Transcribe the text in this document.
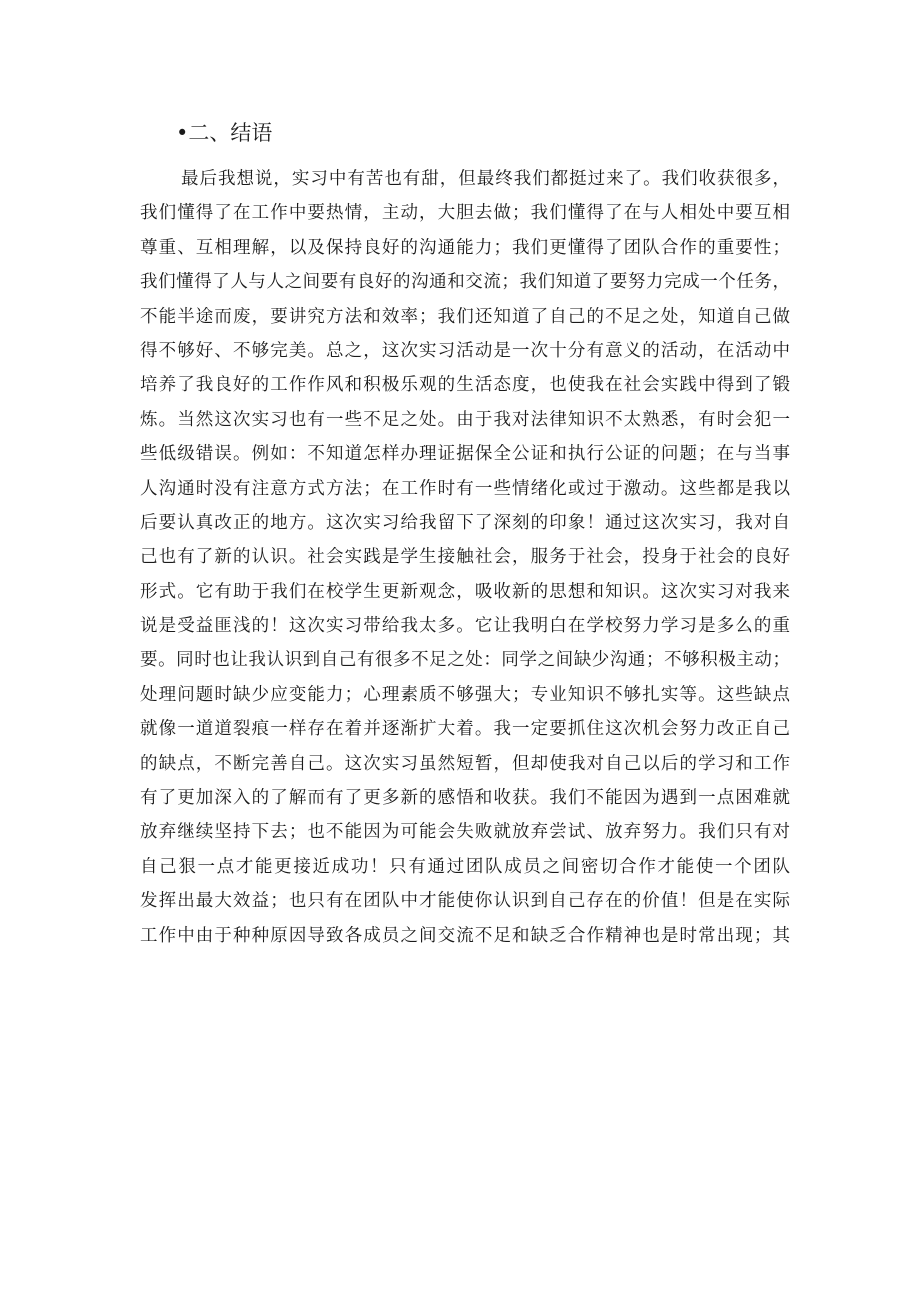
•二、结语
最后我想说，实习中有苦也有甜，但最终我们都挺过来了。我们收获很多，
我们懂得了在工作中要热情，主动，大胆去做；我们懂得了在与人相处中要互相
尊重、互相理解，以及保持良好的沟通能力；我们更懂得了团队合作的重要性；
我们懂得了人与人之间要有良好的沟通和交流；我们知道了要努力完成一个任务，
不能半途而废，要讲究方法和效率；我们还知道了自己的不足之处，知道自己做
得不够好、不够完美。总之，这次实习活动是一次十分有意义的活动，在活动中
培养了我良好的工作作风和积极乐观的生活态度，也使我在社会实践中得到了锻
炼。当然这次实习也有一些不足之处。由于我对法律知识不太熟悉，有时会犯一
些低级错误。例如：不知道怎样办理证据保全公证和执行公证的问题；在与当事
人沟通时没有注意方式方法；在工作时有一些情绪化或过于激动。这些都是我以
后要认真改正的地方。这次实习给我留下了深刻的印象！通过这次实习，我对自
己也有了新的认识。社会实践是学生接触社会，服务于社会，投身于社会的良好
形式。它有助于我们在校学生更新观念，吸收新的思想和知识。这次实习对我来
说是受益匪浅的！这次实习带给我太多。它让我明白在学校努力学习是多么的重
要。同时也让我认识到自己有很多不足之处：同学之间缺少沟通；不够积极主动；
处理问题时缺少应变能力；心理素质不够强大；专业知识不够扎实等。这些缺点
就像一道道裂痕一样存在着并逐渐扩大着。我一定要抓住这次机会努力改正自己
的缺点，不断完善自己。这次实习虽然短暂，但却使我对自己以后的学习和工作
有了更加深入的了解而有了更多新的感悟和收获。我们不能因为遇到一点困难就
放弃继续坚持下去；也不能因为可能会失败就放弃尝试、放弃努力。我们只有对
自己狠一点才能更接近成功！只有通过团队成员之间密切合作才能使一个团队
发挥出最大效益；也只有在团队中才能使你认识到自己存在的价值！但是在实际
工作中由于种种原因导致各成员之间交流不足和缺乏合作精神也是时常出现；其
